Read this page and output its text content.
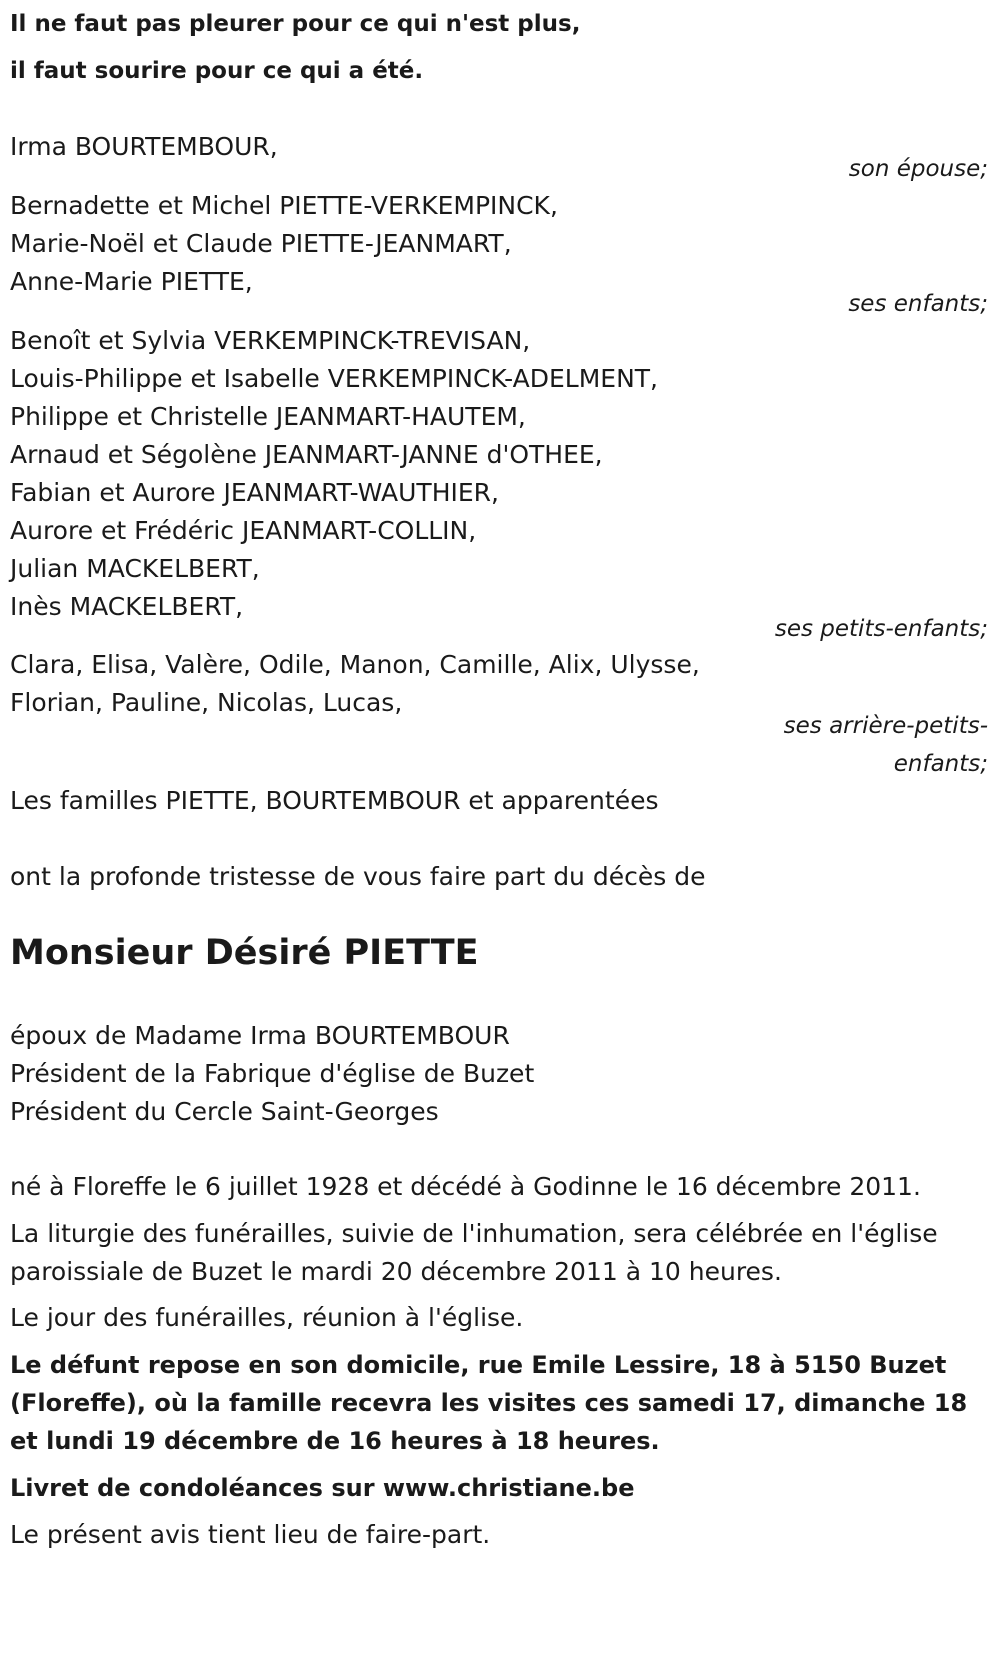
Il ne faut pas pleurer pour ce qui n'est plus,
il faut sourire pour ce qui a été.
Irma BOURTEMBOUR,
son épouse;
Bernadette et Michel PIETTE-VERKEMPINCK,
Marie-Noël et Claude PIETTE-JEANMART,
Anne-Marie PIETTE,
ses enfants;
Benoît et Sylvia VERKEMPINCK-TREVISAN,
Louis-Philippe et Isabelle VERKEMPINCK-ADELMENT,
Philippe et Christelle JEANMART-HAUTEM,
Arnaud et Ségolène JEANMART-JANNE d'OTHEE,
Fabian et Aurore JEANMART-WAUTHIER,
Aurore et Frédéric JEANMART-COLLIN,
Julian MACKELBERT,
Inès MACKELBERT,
ses petits-enfants;
Clara, Elisa, Valère, Odile, Manon, Camille, Alix, Ulysse,
Florian, Pauline, Nicolas, Lucas,
ses arrière-petits-
enfants;
Les familles PIETTE, BOURTEMBOUR et apparentées
ont la profonde tristesse de vous faire part du décès de
Monsieur Désiré PIETTE
époux de Madame Irma BOURTEMBOUR
Président de la Fabrique d'église de Buzet
Président du Cercle Saint-Georges
né à Floreffe le 6 juillet 1928 et décédé à Godinne le 16 décembre 2011.
La liturgie des funérailles, suivie de l'inhumation, sera célébrée en l'église
paroissiale de Buzet le mardi 20 décembre 2011 à 10 heures.
Le jour des funérailles, réunion à l'église.
Le défunt repose en son domicile, rue Emile Lessire, 18 à 5150 Buzet
(Floreffe), où la famille recevra les visites ces samedi 17, dimanche 18
et lundi 19 décembre de 16 heures à 18 heures.
Livret de condoléances sur www.christiane.be
Le présent avis tient lieu de faire-part.
